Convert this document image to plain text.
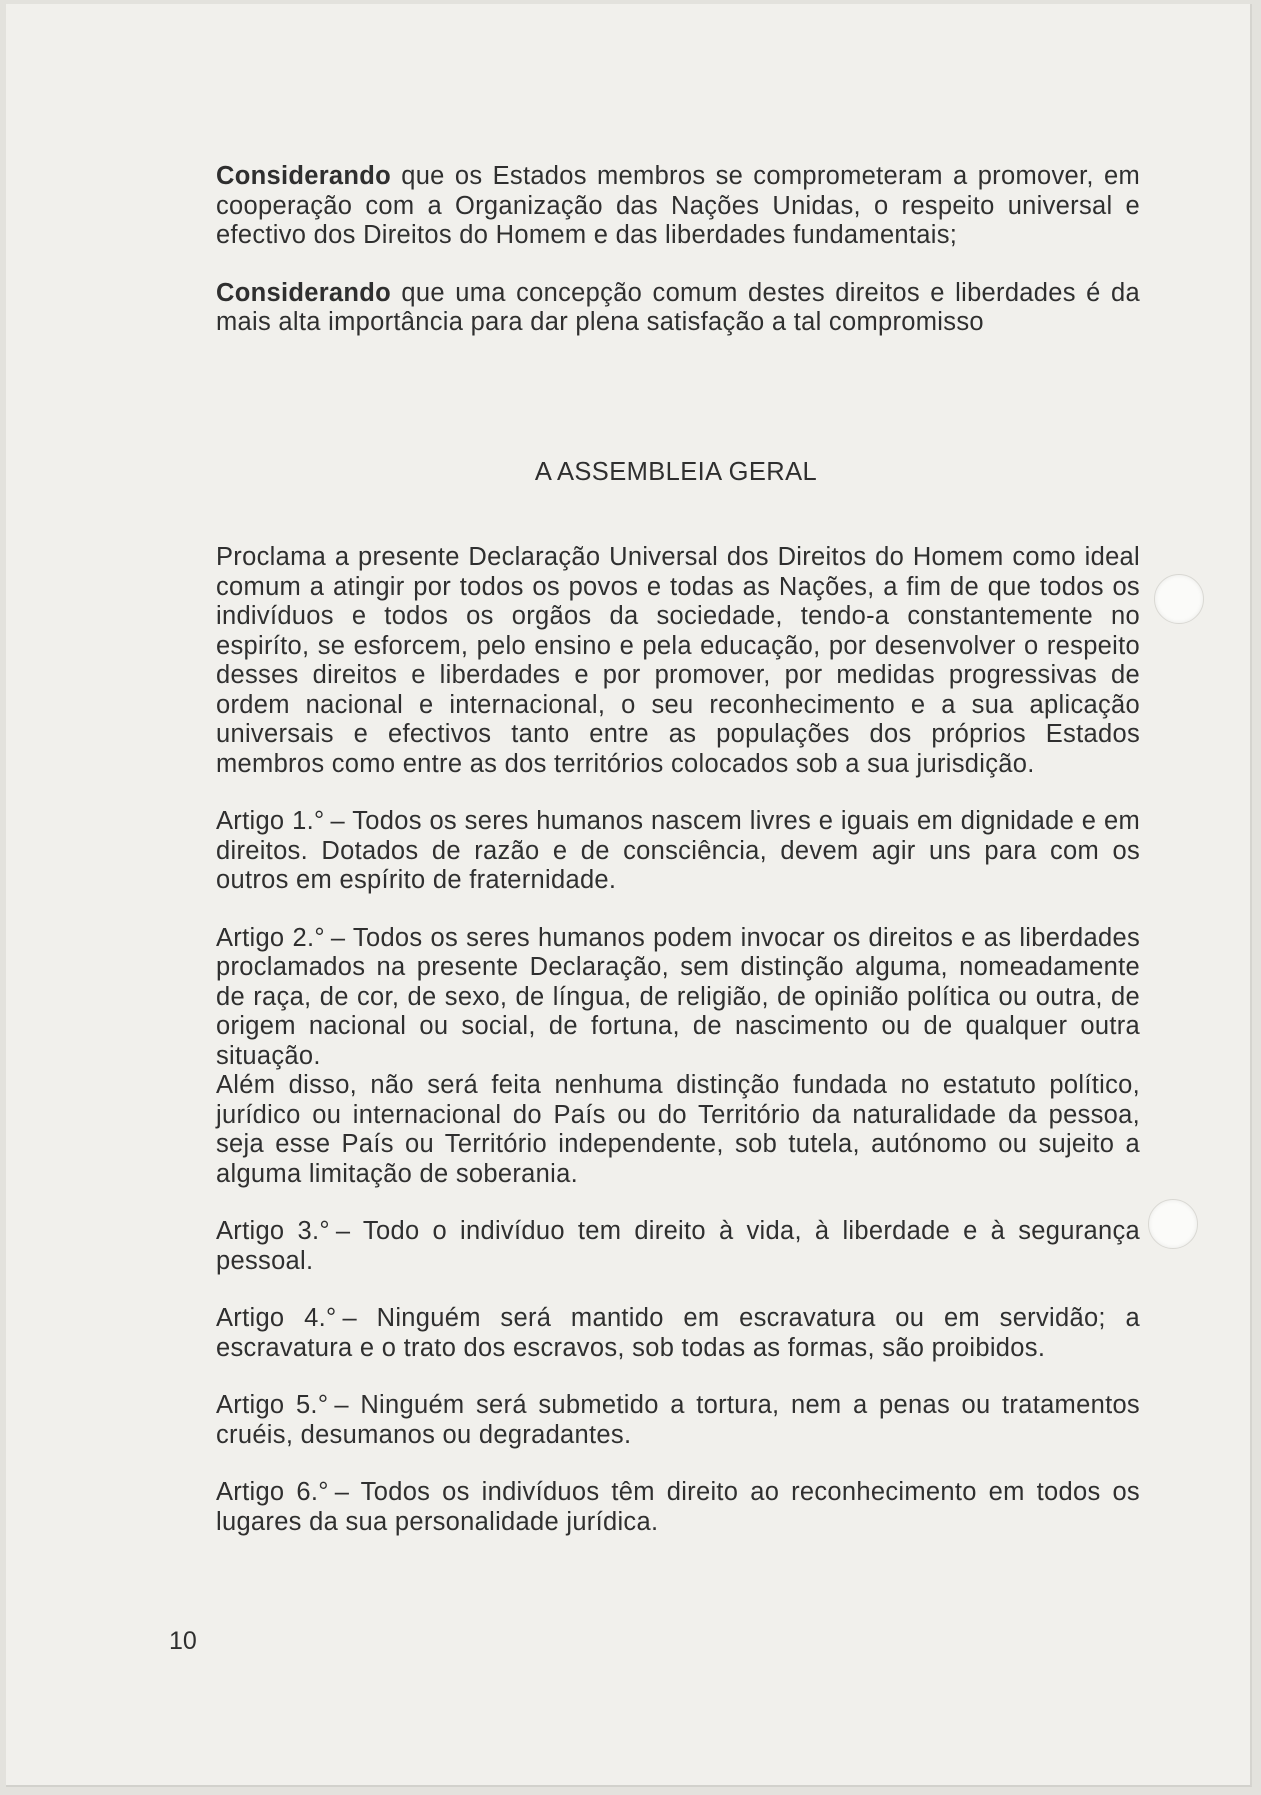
Considerando que os Estados membros se comprometeram a promover, em cooperação com a Organização das Nações Unidas, o respeito universal e efectivo dos Direitos do Homem e das liberdades fundamentais;

Considerando que uma concepção comum destes direitos e liberdades é da mais alta importância para dar plena satisfação a tal compromisso

A ASSEMBLEIA GERAL

Proclama a presente Declaração Universal dos Direitos do Homem como ideal comum a atingir por todos os povos e todas as Nações, a fim de que todos os indivíduos e todos os orgãos da sociedade, tendo-a constantemente no espiríto, se esforcem, pelo ensino e pela educação, por desenvolver o respeito desses direitos e liberdades e por promover, por medidas progressivas de ordem nacional e internacional, o seu reconhecimento e a sua aplicação universais e efectivos tanto entre as populações dos próprios Estados membros como entre as dos territórios colocados sob a sua jurisdição.

Artigo 1.° – Todos os seres humanos nascem livres e iguais em dignidade e em direitos. Dotados de razão e de consciência, devem agir uns para com os outros em espírito de fraternidade.

Artigo 2.° – Todos os seres humanos podem invocar os direitos e as liberdades proclamados na presente Declaração, sem distinção alguma, nomeadamente de raça, de cor, de sexo, de língua, de religião, de opinião política ou outra, de origem nacional ou social, de fortuna, de nascimento ou de qualquer outra situação.

Além disso, não será feita nenhuma distinção fundada no estatuto político, jurídico ou internacional do País ou do Território da naturalidade da pessoa, seja esse País ou Território independente, sob tutela, autónomo ou sujeito a alguma limitação de soberania.

Artigo 3.° – Todo o indivíduo tem direito à vida, à liberdade e à segurança pessoal.

Artigo 4.° – Ninguém será mantido em escravatura ou em servidão; a escravatura e o trato dos escravos, sob todas as formas, são proibidos.

Artigo 5.° – Ninguém será submetido a tortura, nem a penas ou tratamentos cruéis, desumanos ou degradantes.

Artigo 6.° – Todos os indivíduos têm direito ao reconhecimento em todos os lugares da sua personalidade jurídica.

10
